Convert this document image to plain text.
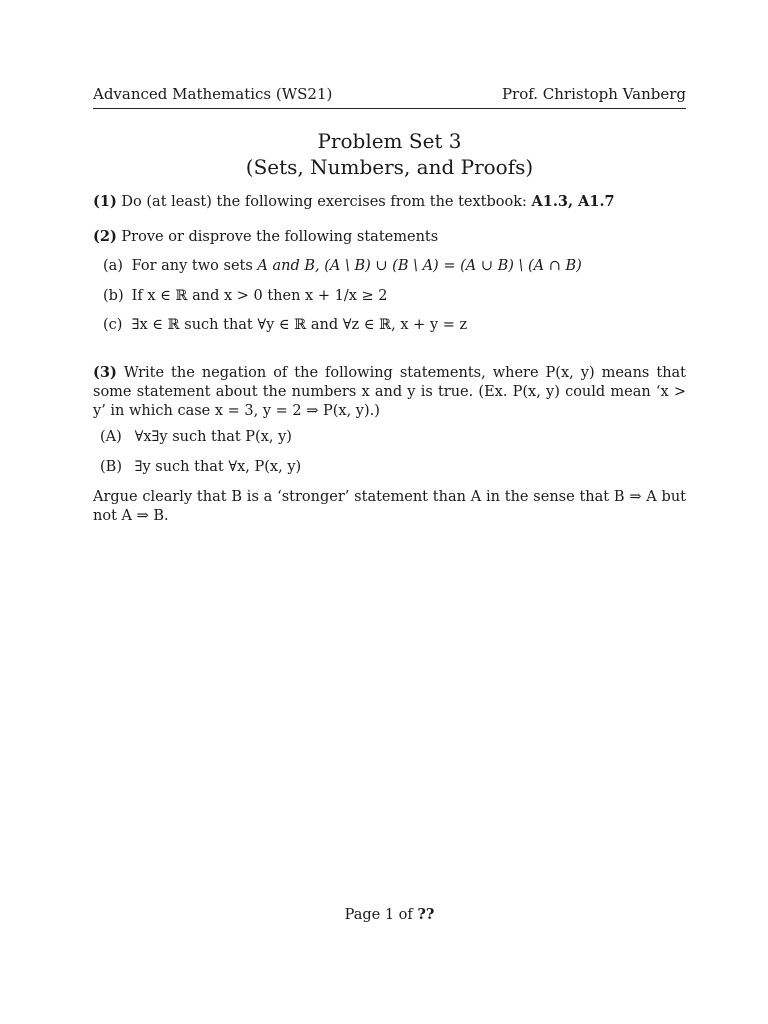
Advanced Mathematics (WS21)	Prof. Christoph Vanberg
Problem Set 3
(Sets, Numbers, and Proofs)
(1) Do (at least) the following exercises from the textbook: A1.3, A1.7
(2) Prove or disprove the following statements
(a) For any two sets A and B, (A \ B) ∪ (B \ A) = (A ∪ B) \ (A ∩ B)
(b) If x ∈ ℝ and x > 0 then x + 1/x ≥ 2
(c) ∃x ∈ ℝ such that ∀y ∈ ℝ and ∀z ∈ ℝ, x + y = z
(3) Write the negation of the following statements, where P(x, y) means that some statement about the numbers x and y is true. (Ex. P(x, y) could mean ‘x > y’ in which case x = 3, y = 2 ⇒ P(x, y).)
(A) ∀x∃y such that P(x, y)
(B) ∃y such that ∀x, P(x, y)
Argue clearly that B is a ‘stronger’ statement than A in the sense that B ⇒ A but not A ⇒ B.
Page 1 of ??
